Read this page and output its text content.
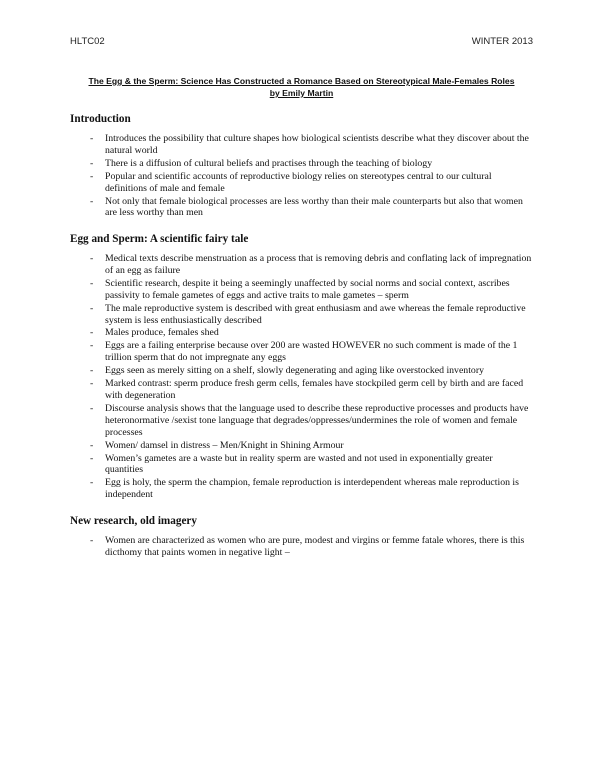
HLTC02	WINTER 2013
The Egg & the Sperm: Science Has Constructed a Romance Based on Stereotypical Male-Females Roles
by Emily Martin
Introduction
- Introduces the possibility that culture shapes how biological scientists describe what they discover about the natural world
- There is a diffusion of cultural beliefs and practises through the teaching of biology
- Popular and scientific accounts of reproductive biology relies on stereotypes central to our cultural definitions of male and female
- Not only that female biological processes are less worthy than their male counterparts but also that women are less worthy than men
Egg and Sperm: A scientific fairy tale
- Medical texts describe menstruation as a process that is removing debris and conflating lack of impregnation of an egg as failure
- Scientific research, despite it being a seemingly unaffected by social norms and social context, ascribes passivity to female gametes of eggs and active traits to male gametes – sperm
- The male reproductive system is described with great enthusiasm and awe whereas the female reproductive system is less enthusiastically described
- Males produce, females shed
- Eggs are a failing enterprise because over 200 are wasted HOWEVER no such comment is made of the 1 trillion sperm that do not impregnate any eggs
- Eggs seen as merely sitting on a shelf, slowly degenerating and aging like overstocked inventory
- Marked contrast: sperm produce fresh germ cells, females have stockpiled germ cell by birth and are faced with degeneration
- Discourse analysis shows that the language used to describe these reproductive processes and products have heteronormative /sexist tone language that degrades/oppresses/undermines the role of women and female processes
- Women/ damsel in distress – Men/Knight in Shining Armour
- Women’s gametes are a waste but in reality sperm are wasted and not used in exponentially greater quantities
- Egg is holy, the sperm the champion, female reproduction is interdependent whereas male reproduction is independent
New research, old imagery
- Women are characterized as women who are pure, modest and virgins or femme fatale whores, there is this dicthomy that paints women in negative light –
